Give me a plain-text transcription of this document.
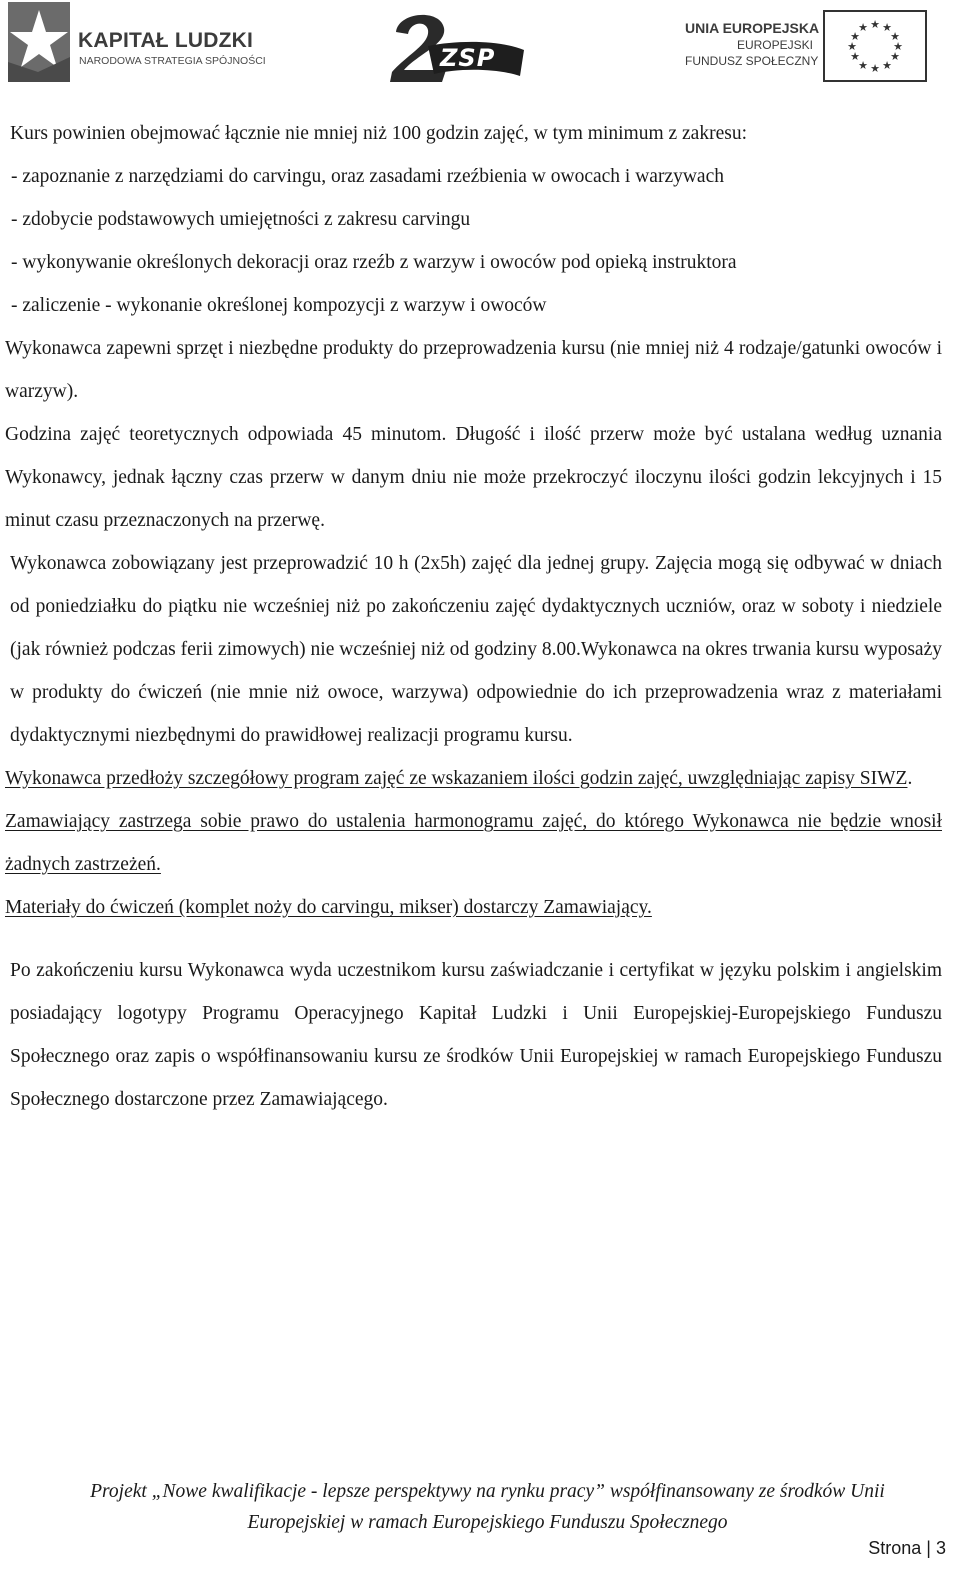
KAPITAŁ LUDZKI
NARODOWA STRATEGIA SPÓJNOŚCI	ZSP
UNIA EUROPEJSKA
EUROPEJSKI
FUNDUSZ SPOŁECZNY
★ ★
★
★
★
★
★
★
★
★
★
★

Kurs powinien obejmować łącznie nie mniej niż 100 godzin zajęć, w tym minimum z zakresu:

- zapoznanie z narzędziami do carvingu, oraz zasadami rzeźbienia w owocach i warzywach

- zdobycie podstawowych umiejętności z zakresu carvingu

- wykonywanie określonych dekoracji oraz rzeźb z warzyw i owoców pod opieką instruktora

- zaliczenie - wykonanie określonej kompozycji z warzyw i owoców

Wykonawca zapewni sprzęt i niezbędne produkty do przeprowadzenia kursu (nie mniej niż 4 rodzaje/gatunki owoców i warzyw).

Godzina zajęć teoretycznych odpowiada 45 minutom. Długość i ilość przerw może być ustalana według uznania Wykonawcy, jednak łączny czas przerw w danym dniu nie może przekroczyć iloczynu ilości godzin lekcyjnych i 15 minut czasu przeznaczonych na przerwę.

Wykonawca zobowiązany jest przeprowadzić 10 h (2x5h) zajęć dla jednej grupy. Zajęcia mogą się odbywać w dniach od poniedziałku do piątku nie wcześniej niż po zakończeniu zajęć dydaktycznych uczniów, oraz w soboty i niedziele (jak również podczas ferii zimowych) nie wcześniej niż od godziny 8.00.Wykonawca na okres trwania kursu wyposaży w produkty do ćwiczeń (nie mnie niż owoce, warzywa) odpowiednie do ich przeprowadzenia wraz z materiałami dydaktycznymi niezbędnymi do prawidłowej realizacji programu kursu.

Wykonawca przedłoży szczegółowy program zajęć ze wskazaniem ilości godzin zajęć, uwzględniając zapisy SIWZ.

Zamawiający zastrzega sobie prawo do ustalenia harmonogramu zajęć, do którego Wykonawca nie będzie wnosił żadnych zastrzeżeń.

Materiały do ćwiczeń (komplet noży do carvingu, mikser) dostarczy Zamawiający.

Po zakończeniu kursu Wykonawca wyda uczestnikom kursu zaświadczanie i certyfikat w języku polskim i angielskim posiadający logotypy Programu Operacyjnego Kapitał Ludzki i Unii Europejskiej-Europejskiego Funduszu Społecznego oraz zapis o współfinansowaniu kursu ze środków Unii Europejskiej w ramach Europejskiego Funduszu Społecznego dostarczone przez Zamawiającego.

Projekt „Nowe kwalifikacje - lepsze perspektywy na rynku pracy” współfinansowany ze środków Unii
Europejskiej w ramach Europejskiego Funduszu Społecznego
Strona | 3
